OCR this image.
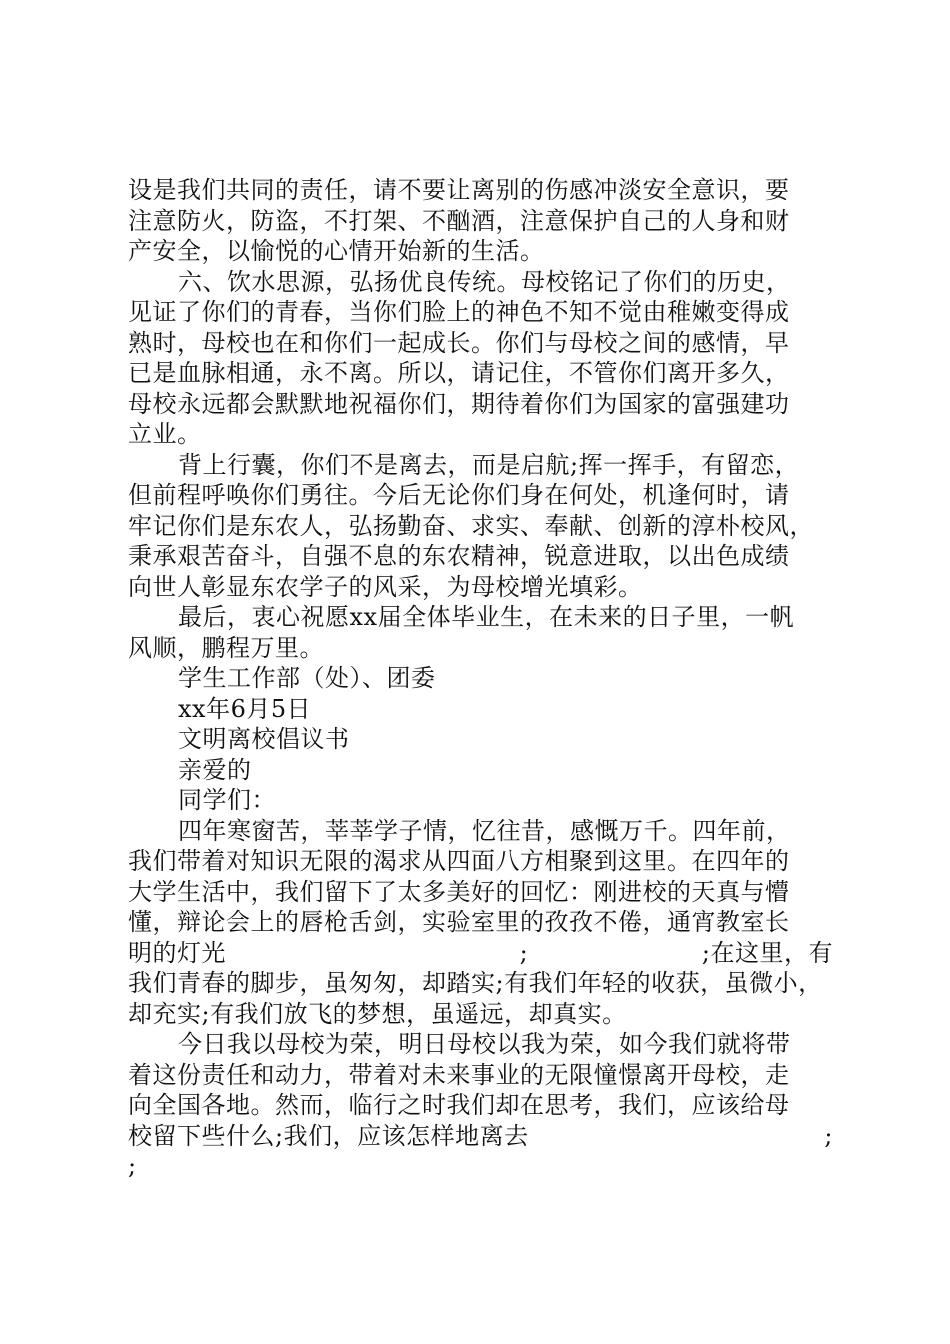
设是我们共同的责任，请不要让离别的伤感冲淡安全意识，要
注意防火，防盗，不打架、不酗酒，注意保护自己的人身和财
产安全，以愉悦的心情开始新的生活。
六、饮水思源，弘扬优良传统。母校铭记了你们的历史，
见证了你们的青春，当你们脸上的神色不知不觉由稚嫩变得成
熟时，母校也在和你们一起成长。你们与母校之间的感情，早
已是血脉相通，永不离。所以，请记住，不管你们离开多久，
母校永远都会默默地祝福你们，期待着你们为国家的富强建功
立业。
背上行囊，你们不是离去，而是启航;挥一挥手，有留恋，
但前程呼唤你们勇往。今后无论你们身在何处，机逢何时，请
牢记你们是东农人，弘扬勤奋、求实、奉献、创新的淳朴校风，
秉承艰苦奋斗，自强不息的东农精神，锐意进取，以出色成绩
向世人彰显东农学子的风采，为母校增光填彩。
最后，衷心祝愿xx届全体毕业生，在未来的日子里，一帆
风顺，鹏程万里。
学生工作部（处）、团委
xx年6月5日
文明离校倡议书
亲爱的
同学们：
四年寒窗苦，莘莘学子情，忆往昔，感慨万千。四年前，
我们带着对知识无限的渴求从四面八方相聚到这里。在四年的
大学生活中，我们留下了太多美好的回忆：刚进校的天真与懵
懂，辩论会上的唇枪舌剑，实验室里的孜孜不倦，通宵教室长
明的灯光	;	;在这里，有
我们青春的脚步，虽匆匆，却踏实;有我们年轻的收获，虽微小，
却充实;有我们放飞的梦想，虽遥远，却真实。
今日我以母校为荣，明日母校以我为荣，如今我们就将带
着这份责任和动力，带着对未来事业的无限憧憬离开母校，走
向全国各地。然而，临行之时我们却在思考，我们，应该给母
校留下些什么;我们，应该怎样地离去	;
;
